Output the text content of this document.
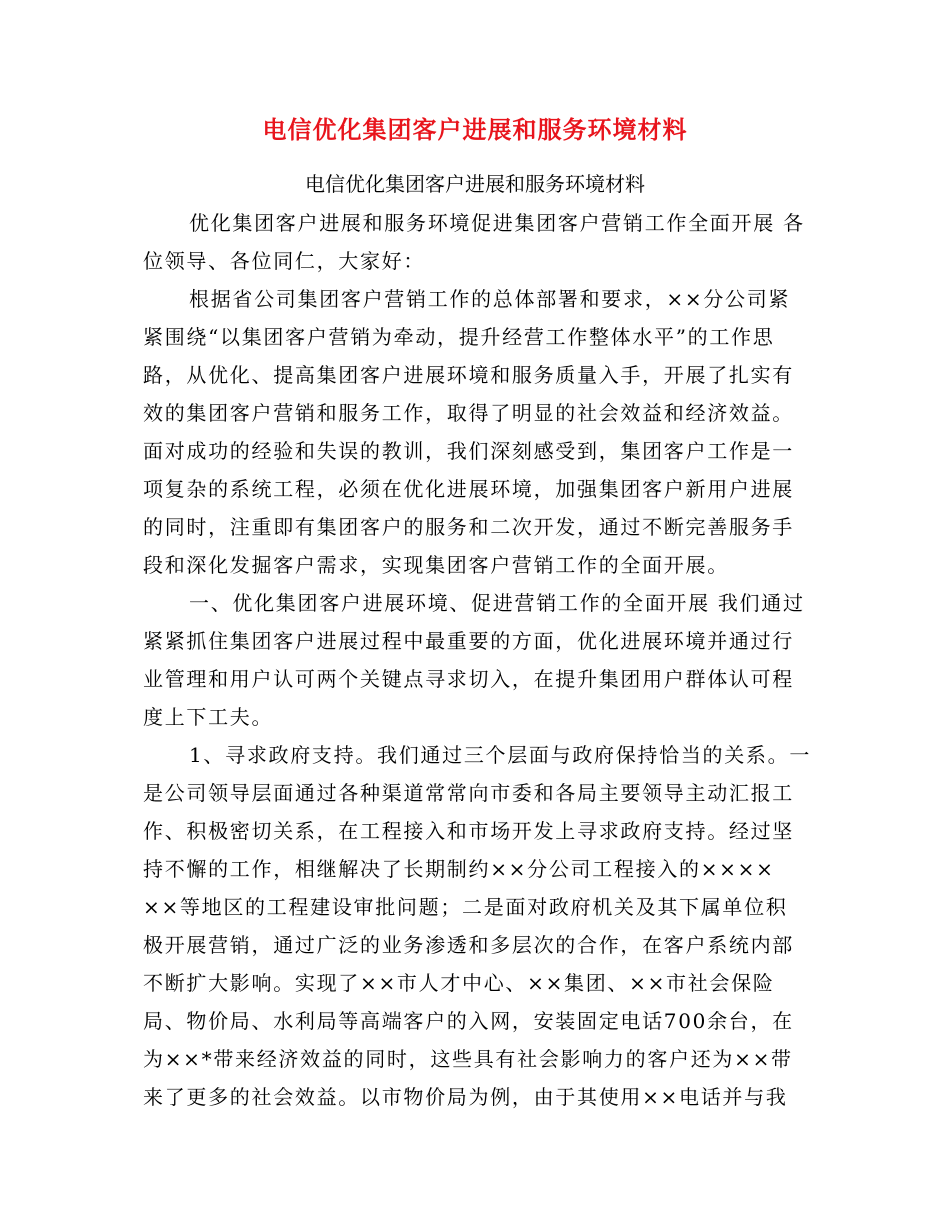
电信优化集团客户进展和服务环境材料
电信优化集团客户进展和服务环境材料
优化集团客户进展和服务环境促进集团客户营销工作全面开展 各
位领导、各位同仁，大家好：
根据省公司集团客户营销工作的总体部署和要求，××分公司紧
紧围绕“以集团客户营销为牵动，提升经营工作整体水平”的工作思
路，从优化、提高集团客户进展环境和服务质量入手，开展了扎实有
效的集团客户营销和服务工作，取得了明显的社会效益和经济效益。
面对成功的经验和失误的教训，我们深刻感受到，集团客户工作是一
项复杂的系统工程，必须在优化进展环境，加强集团客户新用户进展
的同时，注重即有集团客户的服务和二次开发，通过不断完善服务手
段和深化发掘客户需求，实现集团客户营销工作的全面开展。
一、优化集团客户进展环境、促进营销工作的全面开展 我们通过
紧紧抓住集团客户进展过程中最重要的方面，优化进展环境并通过行
业管理和用户认可两个关键点寻求切入，在提升集团用户群体认可程
度上下工夫。
1、寻求政府支持。我们通过三个层面与政府保持恰当的关系。一
是公司领导层面通过各种渠道常常向市委和各局主要领导主动汇报工
作、积极密切关系，在工程接入和市场开发上寻求政府支持。经过坚
持不懈的工作，相继解决了长期制约××分公司工程接入的××××
××等地区的工程建设审批问题；二是面对政府机关及其下属单位积
极开展营销，通过广泛的业务渗透和多层次的合作，在客户系统内部
不断扩大影响。实现了××市人才中心、××集团、××市社会保险
局、物价局、水利局等高端客户的入网，安装固定电话700余台，在
为××*带来经济效益的同时，这些具有社会影响力的客户还为××带
来了更多的社会效益。以市物价局为例，由于其使用××电话并与我
